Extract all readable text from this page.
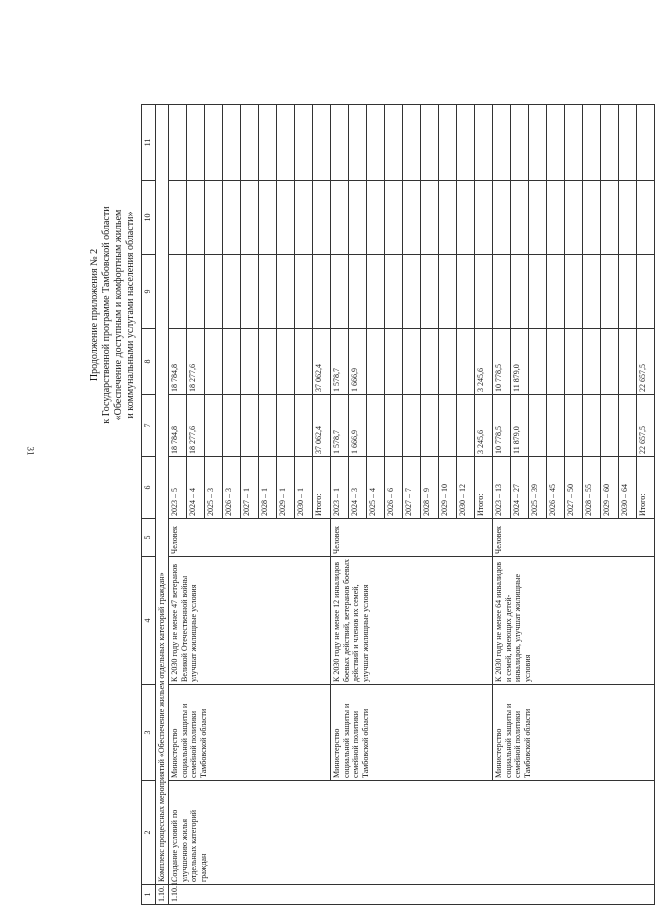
31
Продолжение приложения № 2 к Государственной программе Тамбовской области «Обеспечение доступным и комфортным жильем и коммунальными услугами населения области»
1	2	3	4	5	6	7	8	9	10	11
1.10.	Комплекс процессных мероприятий «Обеспечение жильем отдельных категорий граждан»									
1.10.1.	Создание условий по улучшению жилья отдельных категорий граждан	Министерство социальной защиты и семейной политики Тамбовской области	К 2030 году не менее 47 ветеранов Великой Отечественной войны улучшат жилищные условия	Человек	2023 – 5	18 784,8	18 784,8			
					2024 – 4	18 277,6	18 277,6			
					2025 – 3					
					2026 – 3					
					2027 – 1					
					2028 – 1					
					2029 – 1					
					2030 – 1					
					Итого:	37 062,4	37 062,4			
		Министерство социальной защиты и семейной политики Тамбовской области	К 2030 году не менее 12 инвалидов боевых действий, ветеранов боевых действий и членов их семей, улучшат жилищные условия	Человек	2023 – 1	1 578,7	1 578,7			
					2024 – 3	1 666,9	1 666,9			
					2025 – 4					
					2026 – 6					
					2027 – 7					
					2028 – 9					
					2029 – 10					
					2030 – 12					
					Итого:	3 245,6	3 245,6			
		Министерство социальной защиты и семейной политики Тамбовской области	К 2030 году не менее 64 инвалидов и семей, имеющих детей-инвалидов, улучшат жилищные условия	Человек	2023 – 13	10 778,5	10 778,5			
					2024 – 27	11 879,0	11 879,0			
					2025 – 39					
					2026 – 45					
					2027 – 50					
					2028 – 55					
					2029 – 60					
					2030 – 64					
					Итого:	22 657,5	22 657,5			
